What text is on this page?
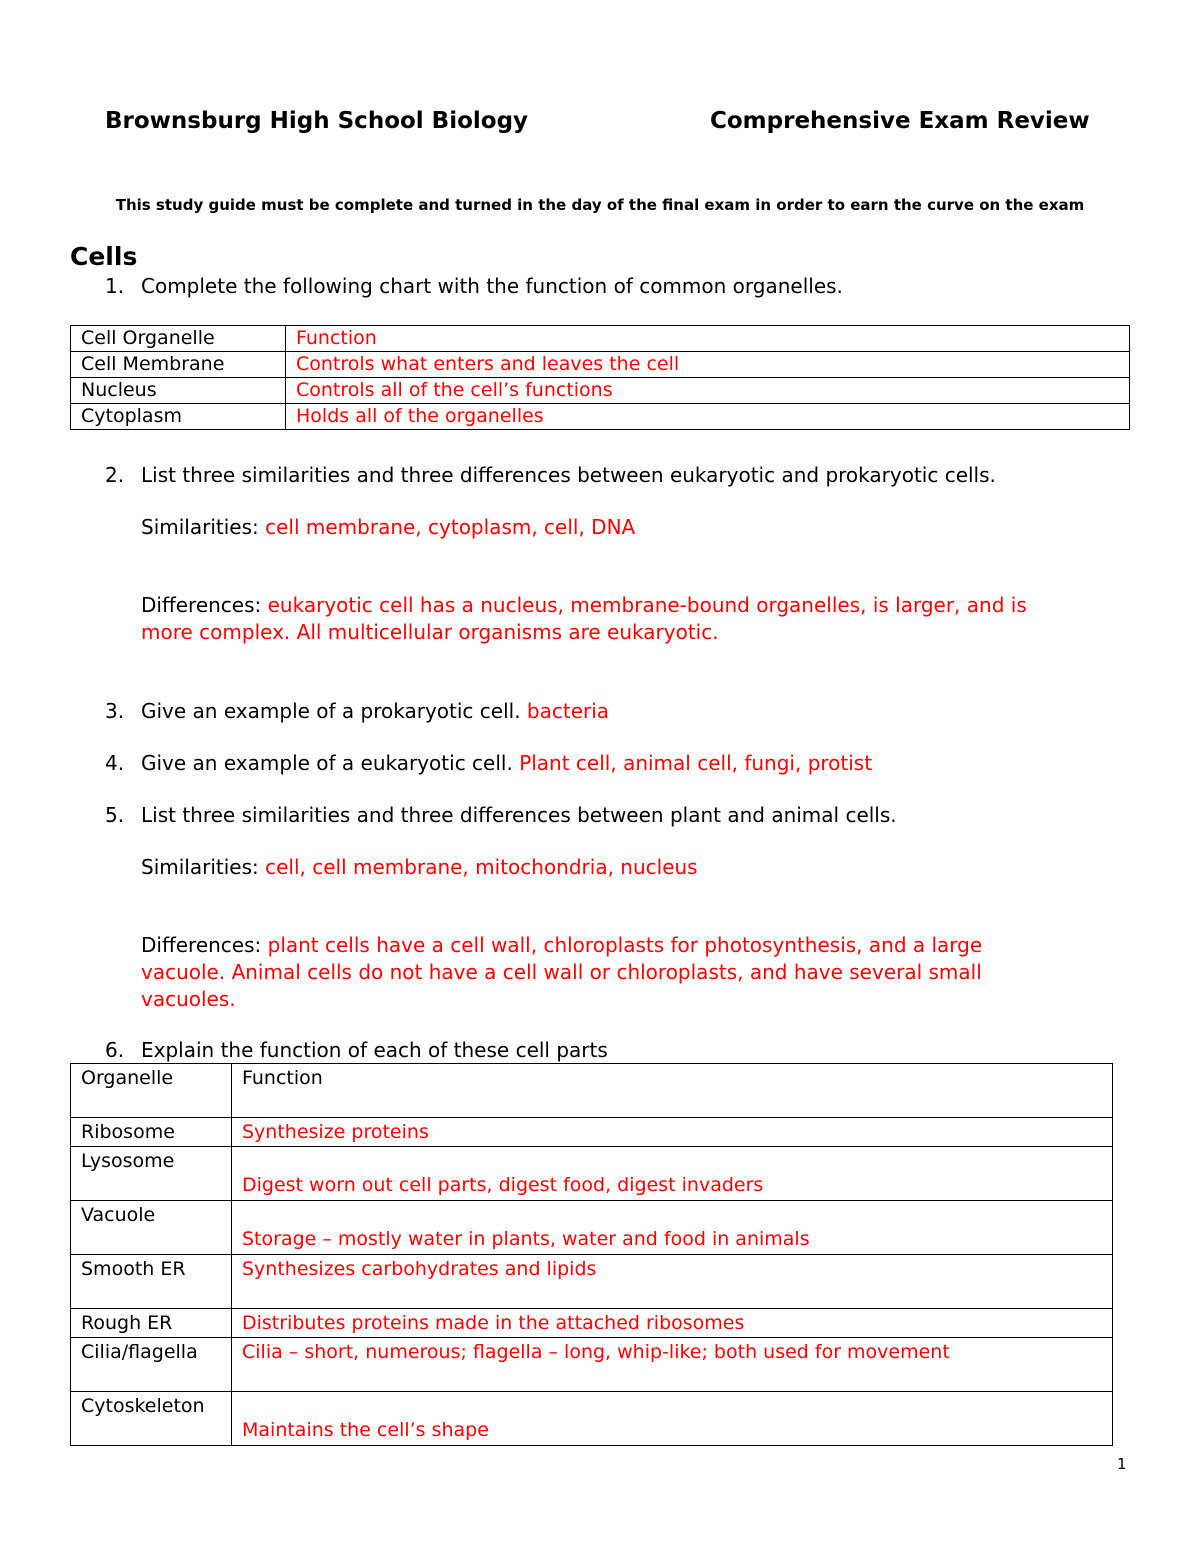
Brownsburg High School Biology	Comprehensive Exam Review
This study guide must be complete and turned in the day of the final exam in order to earn the curve on the exam
Cells
1. Complete the following chart with the function of common organelles.
Cell Organelle	Function
Cell Membrane	Controls what enters and leaves the cell
Nucleus	Controls all of the cell’s functions
Cytoplasm	Holds all of the organelles
2. List three similarities and three differences between eukaryotic and prokaryotic cells.
Similarities: cell membrane, cytoplasm, cell, DNA
Differences: eukaryotic cell has a nucleus, membrane-bound organelles, is larger, and is
more complex. All multicellular organisms are eukaryotic.
3. Give an example of a prokaryotic cell. bacteria
4. Give an example of a eukaryotic cell. Plant cell, animal cell, fungi, protist
5. List three similarities and three differences between plant and animal cells.
Similarities: cell, cell membrane, mitochondria, nucleus
Differences: plant cells have a cell wall, chloroplasts for photosynthesis, and a large
vacuole. Animal cells do not have a cell wall or chloroplasts, and have several small
vacuoles.
6. Explain the function of each of these cell parts
Organelle	Function
Ribosome	Synthesize proteins
Lysosome	Digest worn out cell parts, digest food, digest invaders

Vacuole	Storage – mostly water in plants, water and food in animals

Smooth ER	Synthesizes carbohydrates and lipids
Rough ER	Distributes proteins made in the attached ribosomes
Cilia/flagella	Cilia – short, numerous; flagella – long, whip-like; both used for movement
Cytoskeleton	Maintains the cell’s shape
1
